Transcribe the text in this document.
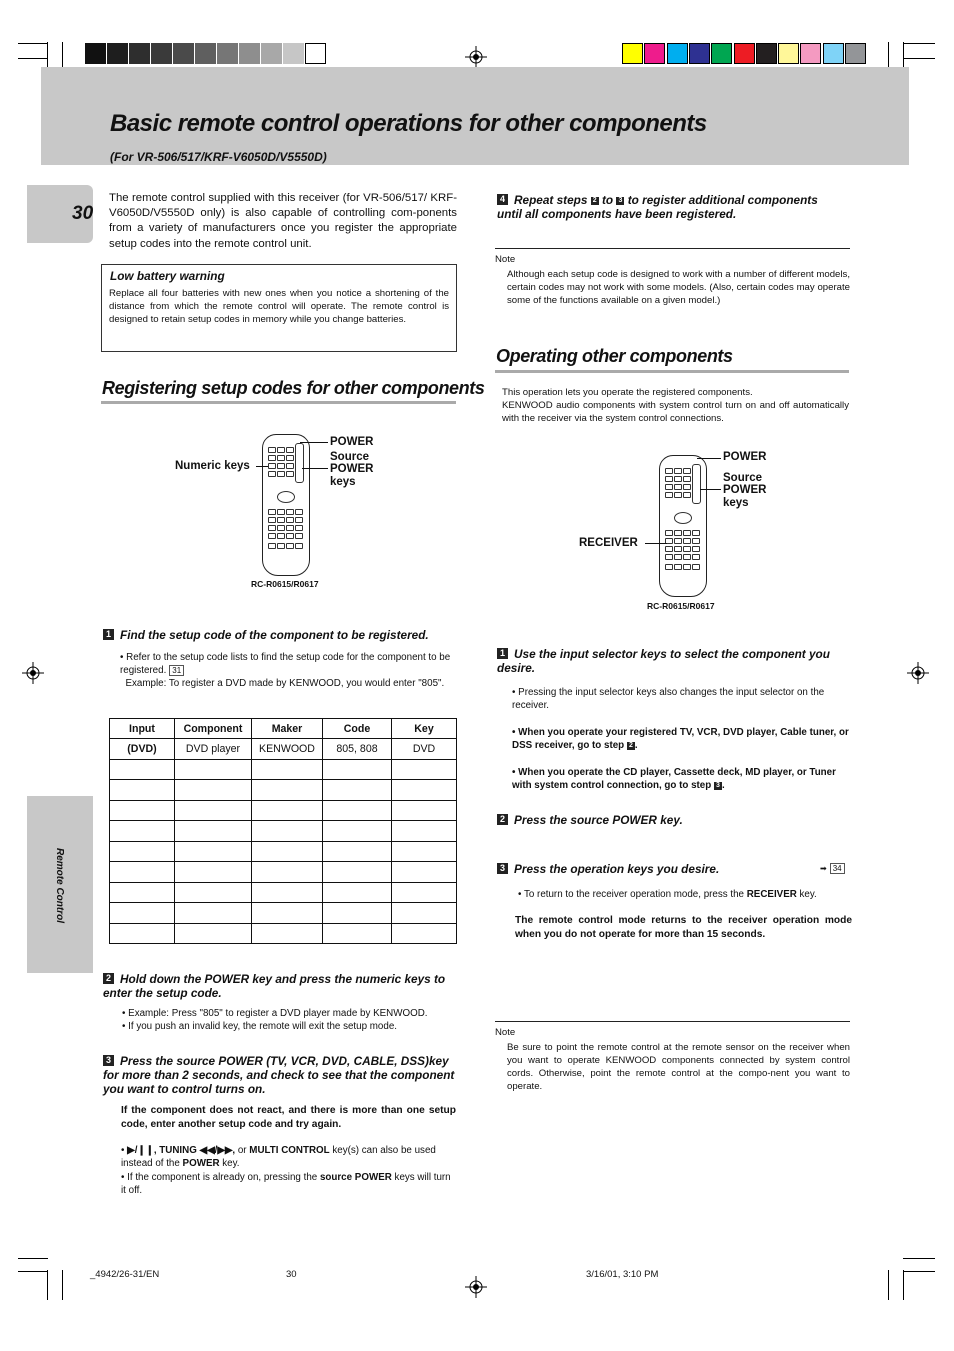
Basic remote control operations for other components
(For VR-506/517/KRF-V6050D/V5550D)
30
Remote Control
The remote control supplied with this receiver (for VR-506/517/ KRF-V6050D/V5550D only) is also capable of controlling com-ponents from a variety of manufacturers once you register the appropriate setup codes into the remote control unit.
Low battery warning
Replace all four batteries with new ones when you notice a shortening of the distance from which the remote control will operate. The remote control is designed to retain setup codes in memory while you change batteries.
Registering setup codes for other components
Numeric keys
POWER
Source
POWER
keys
RC-R0615/R0617
1 Find the setup code of the component to be registered.
• Refer to the setup code lists to find the setup code for the component to be registered. 31
Example: To register a DVD made by KENWOOD, you would enter "805".
Input	Component	Maker	Code	Key
(DVD)	DVD player	KENWOOD	805, 808	DVD

2 Hold down the POWER key and press the numeric keys to enter the setup code.
• Example: Press "805" to register a DVD player made by KENWOOD.
• If you push an invalid key, the remote will exit the setup mode.
3 Press the source POWER (TV, VCR, DVD, CABLE, DSS)key for more than 2 seconds, and check to see that the component you want to control turns on.
If the component does not react, and there is more than one setup code, enter another setup code and try again.
• ▶/❙❙, TUNING ◀◀/▶▶, or MULTI CONTROL key(s) can also be used instead of the POWER key.
• If the component is already on, pressing the source POWER keys will turn it off.
4 Repeat steps 2 to 3 to register additional components until all components have been registered.
Note
Although each setup code is designed to work with a number of different models, certain codes may not work with some models. (Also, certain codes may operate some of the functions available on a given model.)
Operating other components
This operation lets you operate the registered components.
KENWOOD audio components with system control turn on and off automatically with the receiver via the system control connections.
POWER
Source
POWER
keys
RECEIVER
RC-R0615/R0617
1 Use the input selector keys to select the component you desire.
• Pressing the input selector keys also changes the input selector on the receiver.
• When you operate your registered TV, VCR, DVD player, Cable tuner, or DSS receiver, go to step 2 .
• When you operate the CD player, Cassette deck, MD player, or Tuner with system control connection, go to step 3 .
2 Press the source POWER key.
3 Press the operation keys you desire.	➡ 34
• To return to the receiver operation mode, press the RECEIVER key.
The remote control mode returns to the receiver operation mode when you do not operate for more than 15 seconds.
Note
Be sure to point the remote control at the remote sensor on the receiver when you want to operate KENWOOD components connected by system control cords. Otherwise, point the remote control at the compo-nent you want to operate.
_4942/26-31/EN	30	3/16/01, 3:10 PM
